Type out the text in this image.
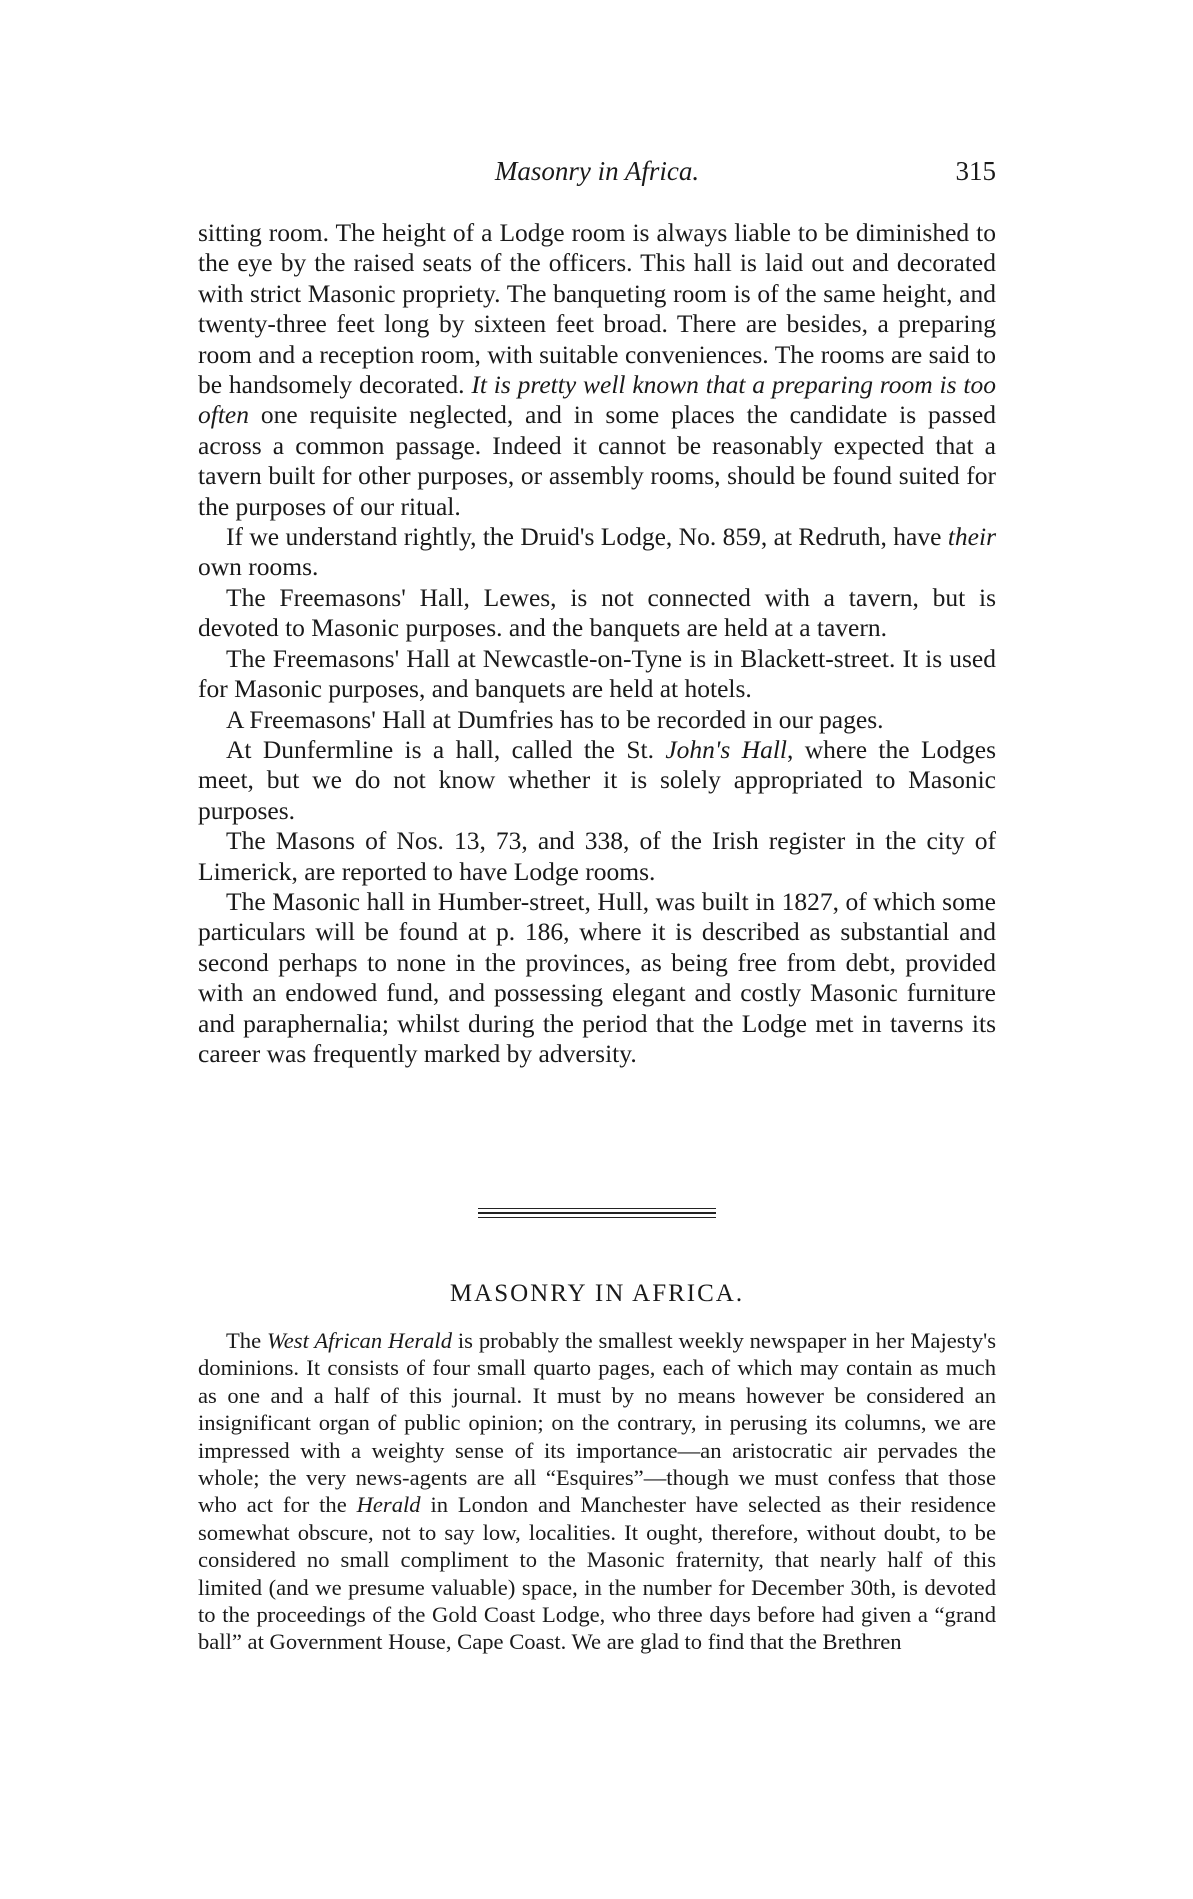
Masonry in Africa.	315

sitting room. The height of a Lodge room is always liable to be diminished to the eye by the raised seats of the officers. This hall is laid out and decorated with strict Masonic propriety. The banqueting room is of the same height, and twenty-three feet long by sixteen feet broad. There are besides, a preparing room and a reception room, with suitable conveniences. The rooms are said to be handsomely decorated. It is pretty well known that a preparing room is too often one requisite neglected, and in some places the candidate is passed across a common passage. Indeed it cannot be reasonably expected that a tavern built for other purposes, or assembly rooms, should be found suited for the purposes of our ritual.

If we understand rightly, the Druid's Lodge, No. 859, at Redruth, have their own rooms.

The Freemasons' Hall, Lewes, is not connected with a tavern, but is devoted to Masonic purposes. and the banquets are held at a tavern.

The Freemasons' Hall at Newcastle-on-Tyne is in Blackett-street. It is used for Masonic purposes, and banquets are held at hotels.

A Freemasons' Hall at Dumfries has to be recorded in our pages.

At Dunfermline is a hall, called the St. John's Hall, where the Lodges meet, but we do not know whether it is solely appropriated to Masonic purposes.

The Masons of Nos. 13, 73, and 338, of the Irish register in the city of Limerick, are reported to have Lodge rooms.

The Masonic hall in Humber-street, Hull, was built in 1827, of which some particulars will be found at p. 186, where it is described as substantial and second perhaps to none in the provinces, as being free from debt, provided with an endowed fund, and possessing elegant and costly Masonic furniture and paraphernalia; whilst during the period that the Lodge met in taverns its career was frequently marked by adversity.

MASONRY IN AFRICA.

The West African Herald is probably the smallest weekly newspaper in her Majesty's dominions. It consists of four small quarto pages, each of which may contain as much as one and a half of this journal. It must by no means however be considered an insignificant organ of public opinion; on the contrary, in perusing its columns, we are impressed with a weighty sense of its importance—an aristocratic air pervades the whole; the very news-agents are all “Esquires”—though we must confess that those who act for the Herald in London and Manchester have selected as their residence somewhat obscure, not to say low, localities. It ought, therefore, without doubt, to be considered no small compliment to the Masonic fraternity, that nearly half of this limited (and we presume valuable) space, in the number for December 30th, is devoted to the proceedings of the Gold Coast Lodge, who three days before had given a “grand ball” at Government House, Cape Coast. We are glad to find that the Brethren
